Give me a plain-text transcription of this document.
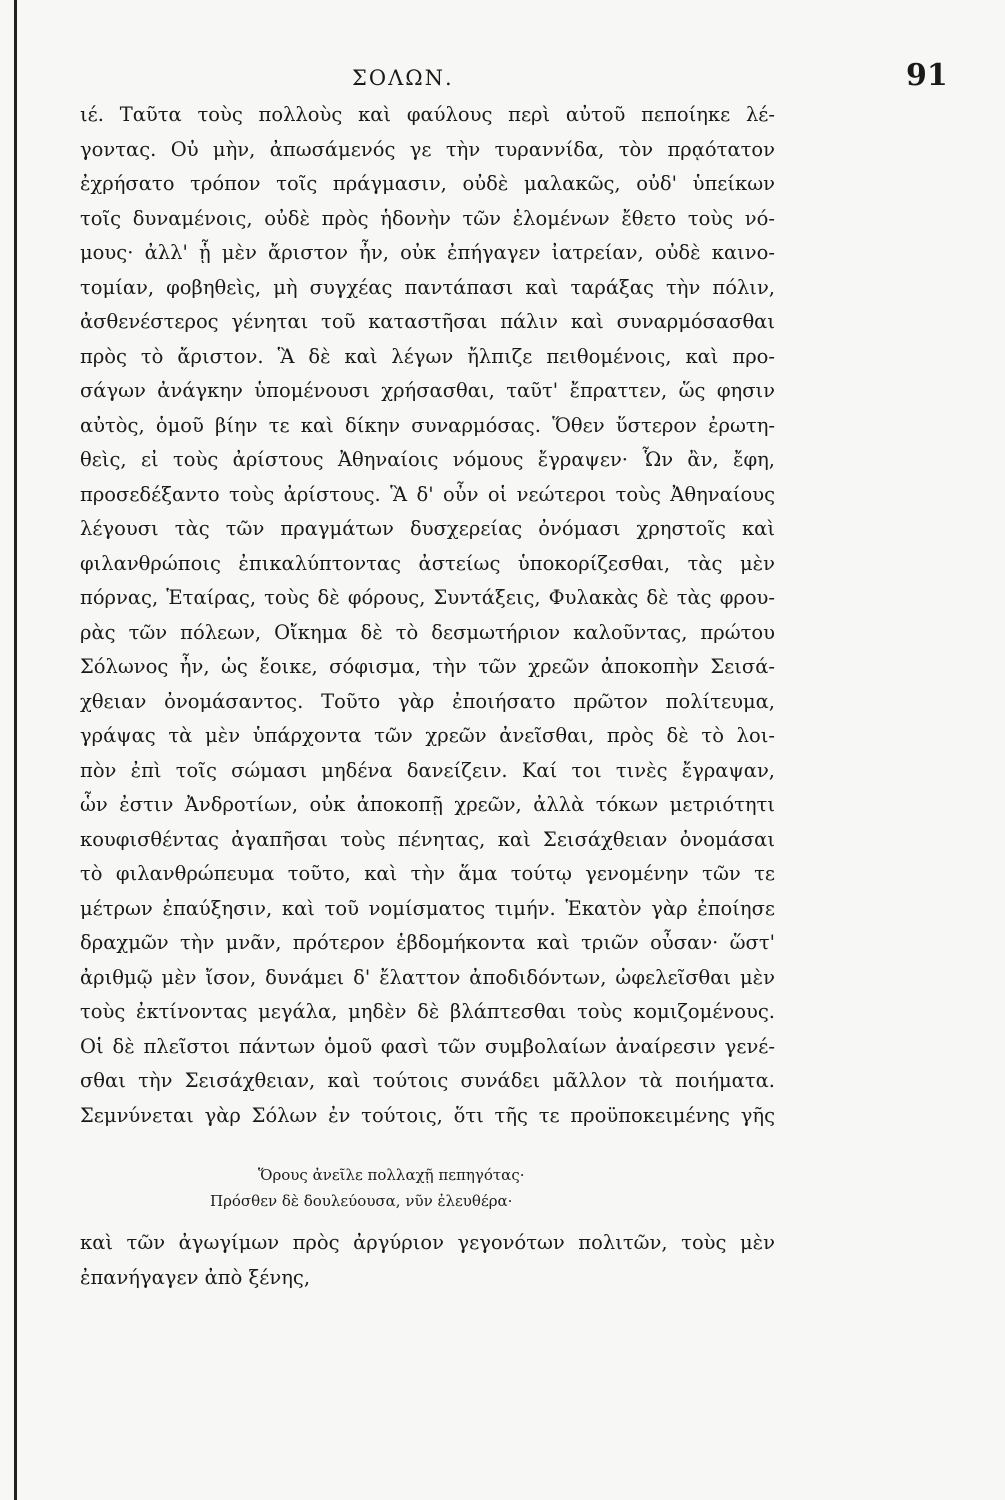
ΣΟΛΩΝ.	91
ιέ. Ταῦτα τοὺς πολλοὺς καὶ φαύλους περὶ αὐτοῦ πεποίηκε λέ-
γοντας. Οὐ μὴν, ἀπωσάμενός γε τὴν τυραννίδα, τὸν πρᾳότατον
ἐχρήσατο τρόπον τοῖς πράγμασιν, οὐδὲ μαλακῶς, οὐδ' ὑπείκων
τοῖς δυναμένοις, οὐδὲ πρὸς ἡδονὴν τῶν ἑλομένων ἔθετο τοὺς νό-
μους· ἀλλ' ᾗ μὲν ἄριστον ἦν, οὐκ ἐπήγαγεν ἰατρείαν, οὐδὲ καινο-
τομίαν, φοβηθεὶς, μὴ συγχέας παντάπασι καὶ ταράξας τὴν πόλιν,
ἀσθενέστερος γένηται τοῦ καταστῆσαι πάλιν καὶ συναρμόσασθαι
πρὸς τὸ ἄριστον. Ἃ δὲ καὶ λέγων ἤλπιζε πειθομένοις, καὶ προ-
σάγων ἀνάγκην ὑπομένουσι χρήσασθαι, ταῦτ' ἔπραττεν, ὥς φησιν
αὐτὸς, ὁμοῦ βίην τε καὶ δίκην συναρμόσας. Ὅθεν ὕστερον ἐρωτη-
θεὶς, εἰ τοὺς ἀρίστους Ἀθηναίοις νόμους ἔγραψεν· Ὧν ἂν, ἔφη,
προσεδέξαντο τοὺς ἀρίστους. Ἃ δ' οὖν οἱ νεώτεροι τοὺς Ἀθηναίους
λέγουσι τὰς τῶν πραγμάτων δυσχερείας ὀνόμασι χρηστοῖς καὶ
φιλανθρώποις ἐπικαλύπτοντας ἀστείως ὑποκορίζεσθαι, τὰς μὲν
πόρνας, Ἑταίρας, τοὺς δὲ φόρους, Συντάξεις, Φυλακὰς δὲ τὰς φρου-
ρὰς τῶν πόλεων, Οἴκημα δὲ τὸ δεσμωτήριον καλοῦντας, πρώτου
Σόλωνος ἦν, ὡς ἔοικε, σόφισμα, τὴν τῶν χρεῶν ἀποκοπὴν Σεισά-
χθειαν ὀνομάσαντος. Τοῦτο γὰρ ἐποιήσατο πρῶτον πολίτευμα,
γράψας τὰ μὲν ὑπάρχοντα τῶν χρεῶν ἀνεῖσθαι, πρὸς δὲ τὸ λοι-
πὸν ἐπὶ τοῖς σώμασι μηδένα δανείζειν. Καί τοι τινὲς ἔγραψαν,
ὧν ἐστιν Ἀνδροτίων, οὐκ ἀποκοπῇ χρεῶν, ἀλλὰ τόκων μετριότητι
κουφισθέντας ἀγαπῆσαι τοὺς πένητας, καὶ Σεισάχθειαν ὀνομάσαι
τὸ φιλανθρώπευμα τοῦτο, καὶ τὴν ἅμα τούτῳ γενομένην τῶν τε
μέτρων ἐπαύξησιν, καὶ τοῦ νομίσματος τιμήν. Ἑκατὸν γὰρ ἐποίησε
δραχμῶν τὴν μνᾶν, πρότερον ἑβδομήκοντα καὶ τριῶν οὖσαν· ὥστ'
ἀριθμῷ μὲν ἴσον, δυνάμει δ' ἔλαττον ἀποδιδόντων, ὠφελεῖσθαι μὲν
τοὺς ἐκτίνοντας μεγάλα, μηδὲν δὲ βλάπτεσθαι τοὺς κομιζομένους.
Οἱ δὲ πλεῖστοι πάντων ὁμοῦ φασὶ τῶν συμβολαίων ἀναίρεσιν γενέ-
σθαι τὴν Σεισάχθειαν, καὶ τούτοις συνάδει μᾶλλον τὰ ποιήματα.
Σεμνύνεται γὰρ Σόλων ἐν τούτοις, ὅτι τῆς τε προϋποκειμένης γῆς
Ὅρους ἀνεῖλε πολλαχῇ πεπηγότας·
Πρόσθεν δὲ δουλεύουσα, νῦν ἐλευθέρα·
καὶ τῶν ἀγωγίμων πρὸς ἀργύριον γεγονότων πολιτῶν, τοὺς μὲν
ἐπανήγαγεν ἀπὸ ξένης,
